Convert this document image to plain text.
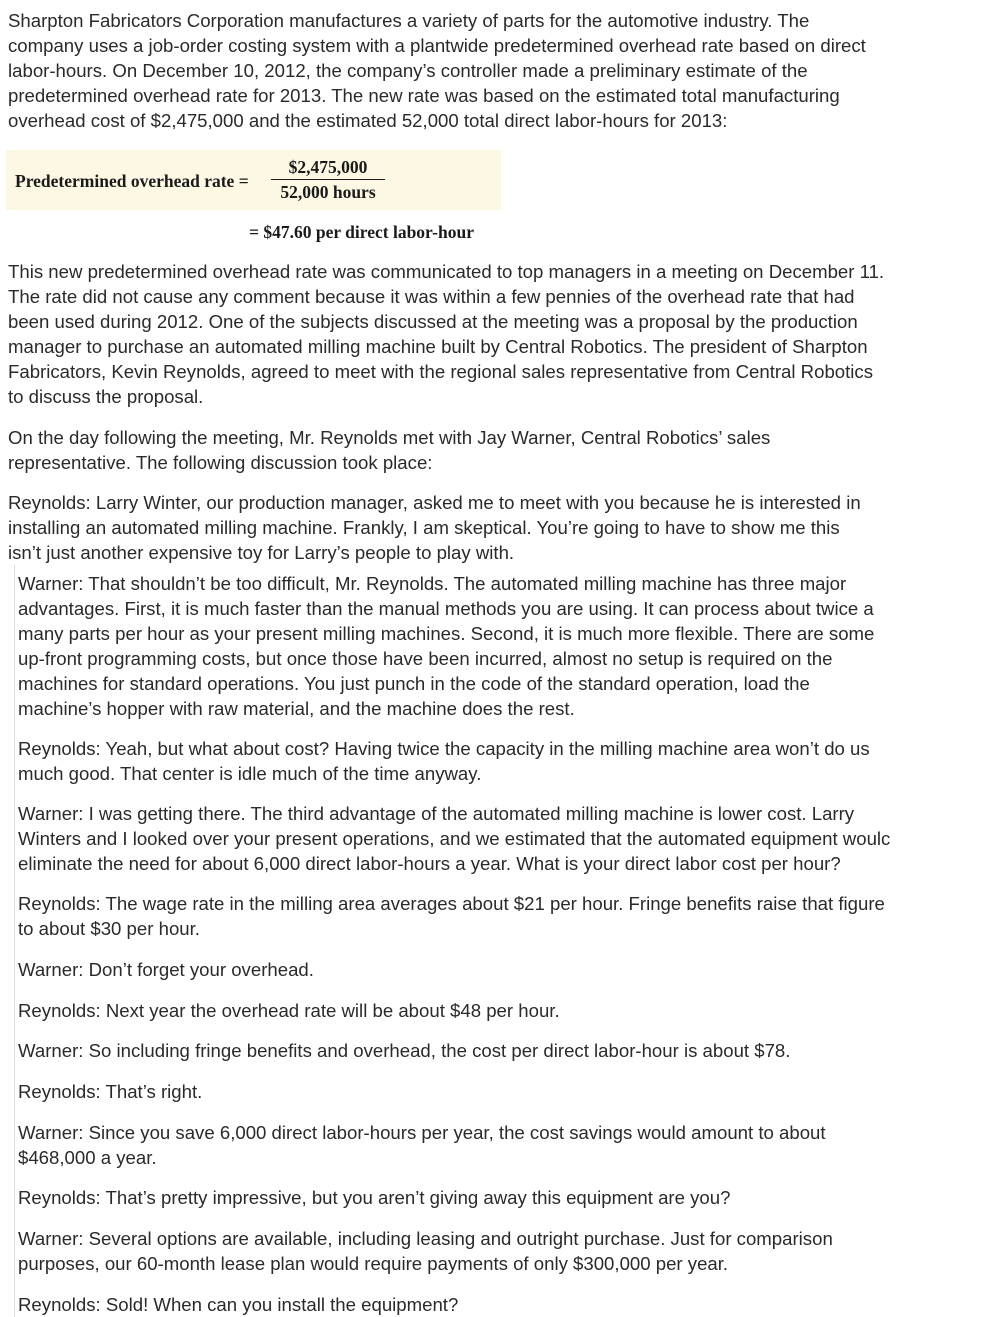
Sharpton Fabricators Corporation manufactures a variety of parts for the automotive industry. The

company uses a job-order costing system with a plantwide predetermined overhead rate based on direct

labor-hours. On December 10, 2012, the company’s controller made a preliminary estimate of the

predetermined overhead rate for 2013. The new rate was based on the estimated total manufacturing

overhead cost of $2,475,000 and the estimated 52,000 total direct labor-hours for 2013:

Predetermined overhead rate =
$2,475,000
52,000 hours
= $47.60 per direct labor-hour

This new predetermined overhead rate was communicated to top managers in a meeting on December 11.

The rate did not cause any comment because it was within a few pennies of the overhead rate that had

been used during 2012. One of the subjects discussed at the meeting was a proposal by the production

manager to purchase an automated milling machine built by Central Robotics. The president of Sharpton

Fabricators, Kevin Reynolds, agreed to meet with the regional sales representative from Central Robotics

to discuss the proposal.

On the day following the meeting, Mr. Reynolds met with Jay Warner, Central Robotics’ sales

representative. The following discussion took place:

Reynolds: Larry Winter, our production manager, asked me to meet with you because he is interested in

installing an automated milling machine. Frankly, I am skeptical. You’re going to have to show me this

isn’t just another expensive toy for Larry’s people to play with.

Warner: That shouldn’t be too difficult, Mr. Reynolds. The automated milling machine has three major

advantages. First, it is much faster than the manual methods you are using. It can process about twice a

many parts per hour as your present milling machines. Second, it is much more flexible. There are some

up-front programming costs, but once those have been incurred, almost no setup is required on the

machines for standard operations. You just punch in the code of the standard operation, load the

machine’s hopper with raw material, and the machine does the rest.

Reynolds: Yeah, but what about cost? Having twice the capacity in the milling machine area won’t do us

much good. That center is idle much of the time anyway.

Warner: I was getting there. The third advantage of the automated milling machine is lower cost. Larry

Winters and I looked over your present operations, and we estimated that the automated equipment woulc

eliminate the need for about 6,000 direct labor-hours a year. What is your direct labor cost per hour?

Reynolds: The wage rate in the milling area averages about $21 per hour. Fringe benefits raise that figure

to about $30 per hour.

Warner: Don’t forget your overhead.

Reynolds: Next year the overhead rate will be about $48 per hour.

Warner: So including fringe benefits and overhead, the cost per direct labor-hour is about $78.

Reynolds: That’s right.

Warner: Since you save 6,000 direct labor-hours per year, the cost savings would amount to about

$468,000 a year.

Reynolds: That’s pretty impressive, but you aren’t giving away this equipment are you?

Warner: Several options are available, including leasing and outright purchase. Just for comparison

purposes, our 60-month lease plan would require payments of only $300,000 per year.

Reynolds: Sold! When can you install the equipment?
